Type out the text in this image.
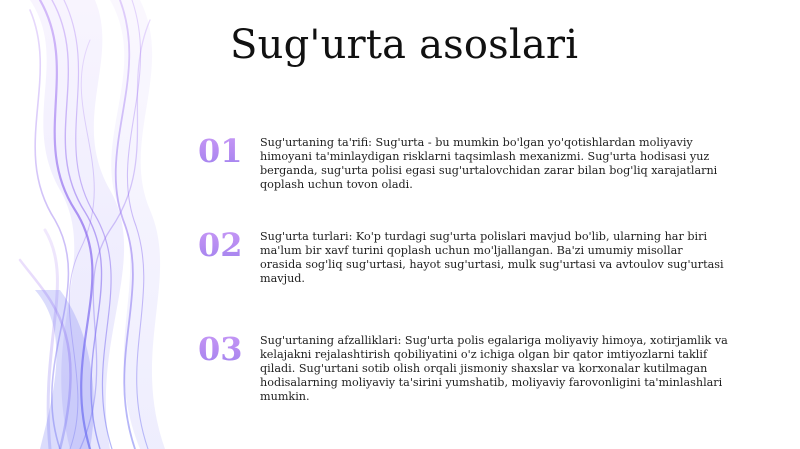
Sug'urta asoslari
01 Sug'urtaning ta'rifi: Sug'urta - bu mumkin bo'lgan yo'qotishlardan moliyaviy himoyani ta'minlaydigan risklarni taqsimlash mexanizmi. Sug'urta hodisasi yuz berganda, sug'urta polisi egasi sug'urtalovchidan zarar bilan bog'liq xarajatlarni qoplash uchun tovon oladi.
02 Sug'urta turlari: Ko'p turdagi sug'urta polislari mavjud bo'lib, ularning har biri ma'lum bir xavf turini qoplash uchun mo'ljallangan. Ba'zi umumiy misollar orasida sog'liq sug'urtasi, hayot sug'urtasi, mulk sug'urtasi va avtoulov sug'urtasi mavjud.
03 Sug'urtaning afzalliklari: Sug'urta polis egalariga moliyaviy himoya, xotirjamlik va kelajakni rejalashtirish qobiliyatini o'z ichiga olgan bir qator imtiyozlarni taklif qiladi. Sug'urtani sotib olish orqali jismoniy shaxslar va korxonalar kutilmagan hodisalarning moliyaviy ta'sirini yumshatib, moliyaviy farovonligini ta'minlashlari mumkin.
